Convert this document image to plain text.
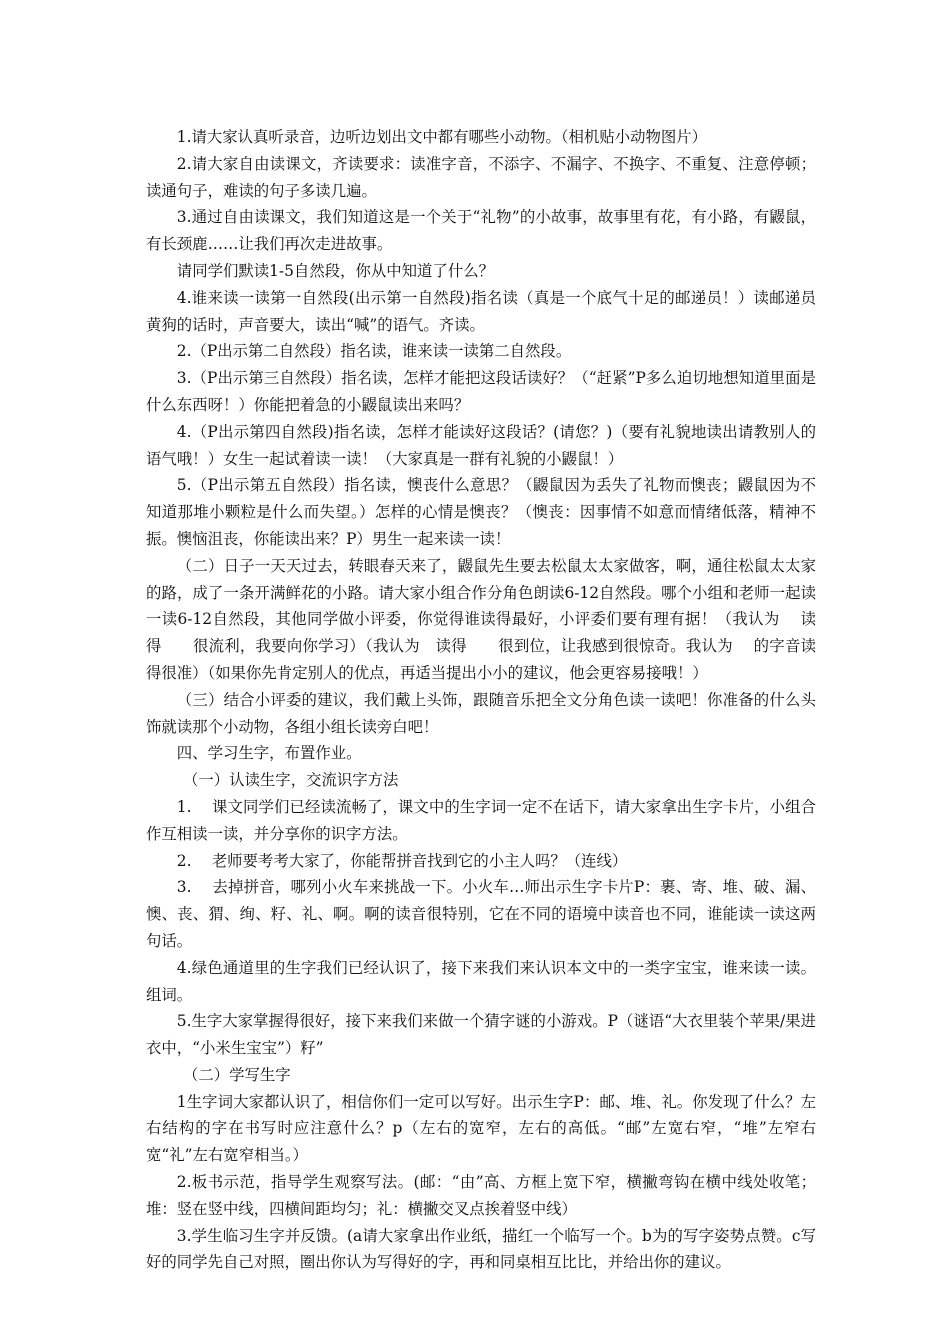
1.请大家认真听录音，边听边划出文中都有哪些小动物。（相机贴小动物图片）

2.请大家自由读课文，齐读要求：读准字音，不添字、不漏字、不换字、不重复、注意停顿；读通句子，难读的句子多读几遍。

3.通过自由读课文，我们知道这是一个关于“礼物”的小故事，故事里有花，有小路，有鼹鼠，有长颈鹿……让我们再次走进故事。

请同学们默读1-5自然段，你从中知道了什么？

4.谁来读一读第一自然段(出示第一自然段)指名读（真是一个底气十足的邮递员！）读邮递员黄狗的话时，声音要大，读出“喊”的语气。齐读。

2.（P出示第二自然段）指名读，谁来读一读第二自然段。

3.（P出示第三自然段）指名读，怎样才能把这段话读好？（“赶紧”P多么迫切地想知道里面是什么东西呀！）你能把着急的小鼹鼠读出来吗？

4.（P出示第四自然段)指名读，怎样才能读好这段话？(请您？)（要有礼貌地读出请教别人的语气哦！）女生一起试着读一读！（大家真是一群有礼貌的小鼹鼠！）

5.（P出示第五自然段）指名读，懊丧什么意思？（鼹鼠因为丢失了礼物而懊丧；鼹鼠因为不知道那堆小颗粒是什么而失望。）怎样的心情是懊丧？（懊丧：因事情不如意而情绪低落，精神不振。懊恼沮丧，你能读出来？P）男生一起来读一读！

（二）日子一天天过去，转眼春天来了，鼹鼠先生要去松鼠太太家做客，啊，通往松鼠太太家的路，成了一条开满鲜花的小路。请大家小组合作分角色朗读6-12自然段。哪个小组和老师一起读一读6-12自然段，其他同学做小评委，你觉得谁读得最好，小评委们要有理有据！（我认为　 读得　　很流利，我要向你学习）（我认为　读得　　很到位，让我感到很惊奇。我认为　 的字音读得很准）（如果你先肯定别人的优点，再适当提出小小的建议，他会更容易接哦！）

（三）结合小评委的建议，我们戴上头饰，跟随音乐把全文分角色读一读吧！你准备的什么头饰就读那个小动物，各组小组长读旁白吧！

四、学习生字，布置作业。

（一）认读生字，交流识字方法

1.　 课文同学们已经读流畅了，课文中的生字词一定不在话下，请大家拿出生字卡片，小组合作互相读一读，并分享你的识字方法。

2.　 老师要考考大家了，你能帮拼音找到它的小主人吗？（连线）

3.　 去掉拼音，哪列小火车来挑战一下。小火车…师出示生字卡片P：裹、寄、堆、破、漏、懊、丧、猬、绚、籽、礼、啊。啊的读音很特别，它在不同的语境中读音也不同，谁能读一读这两句话。

4.绿色通道里的生字我们已经认识了，接下来我们来认识本文中的一类字宝宝，谁来读一读。组词。

5.生字大家掌握得很好，接下来我们来做一个猜字谜的小游戏。P（谜语“大衣里装个苹果/果进衣中，“小米生宝宝”）籽”

（二）学写生字

1生字词大家都认识了，相信你们一定可以写好。出示生字P：邮、堆、礼。你发现了什么？左右结构的字在书写时应注意什么？p（左右的宽窄，左右的高低。“邮”左宽右窄，“堆”左窄右宽“礼”左右宽窄相当。）

2.板书示范，指导学生观察写法。(邮：“由”高、方框上宽下窄，横撇弯钩在横中线处收笔；堆：竖在竖中线，四横间距均匀；礼：横撇交叉点挨着竖中线）

3.学生临习生字并反馈。(a请大家拿出作业纸，描红一个临写一个。b为的写字姿势点赞。c写好的同学先自己对照，圈出你认为写得好的字，再和同桌相互比比，并给出你的建议。
